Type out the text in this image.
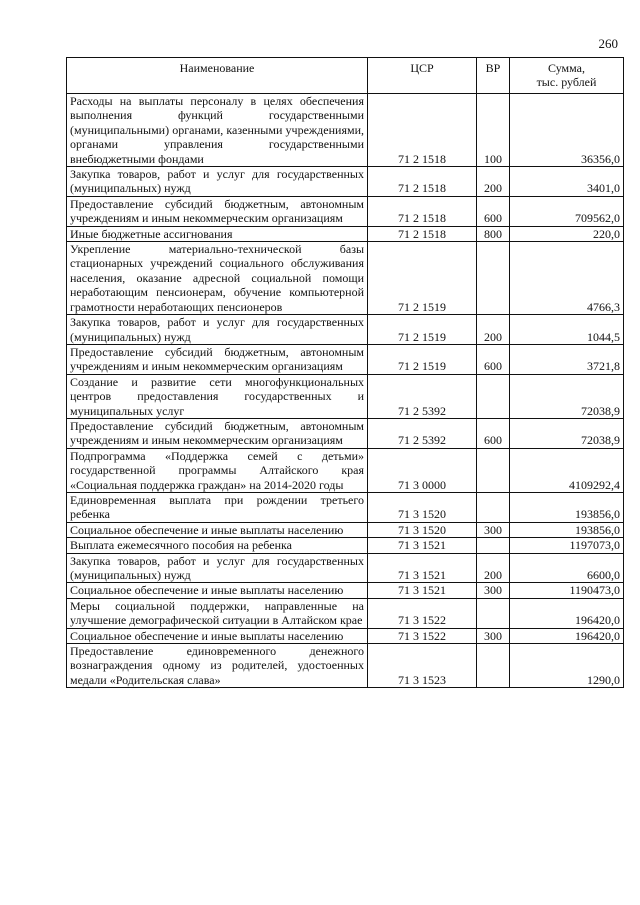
260
Наименование	ЦСР	ВР	Сумма,
тыс. рублей
Расходы на выплаты персоналу в целях обеспечения выполнения функций государственными (муниципальными) органами, казенными учреждениями, органами управления государственными внебюджетными фондами	71 2 1518	100	36356,0
Закупка товаров, работ и услуг для государственных (муниципальных) нужд	71 2 1518	200	3401,0
Предоставление субсидий бюджетным, автономным учреждениям и иным некоммерческим организациям	71 2 1518	600	709562,0
Иные бюджетные ассигнования	71 2 1518	800	220,0
Укрепление материально-технической базы стационарных учреждений социального обслуживания населения, оказание адресной социальной помощи неработающим пенсионерам, обучение компьютерной грамотности неработающих пенсионеров	71 2 1519		4766,3
Закупка товаров, работ и услуг для государственных (муниципальных) нужд	71 2 1519	200	1044,5
Предоставление субсидий бюджетным, автономным учреждениям и иным некоммерческим организациям	71 2 1519	600	3721,8
Создание и развитие сети многофункциональных центров предоставления государственных и муниципальных услуг	71 2 5392		72038,9
Предоставление субсидий бюджетным, автономным учреждениям и иным некоммерческим организациям	71 2 5392	600	72038,9
Подпрограмма «Поддержка семей с детьми» государственной программы Алтайского края «Социальная поддержка граждан» на 2014-2020 годы	71 3 0000		4109292,4
Единовременная выплата при рождении третьего ребенка	71 3 1520		193856,0
Социальное обеспечение и иные выплаты населению	71 3 1520	300	193856,0
Выплата ежемесячного пособия на ребенка	71 3 1521		1197073,0
Закупка товаров, работ и услуг для государственных (муниципальных) нужд	71 3 1521	200	6600,0
Социальное обеспечение и иные выплаты населению	71 3 1521	300	1190473,0
Меры социальной поддержки, направленные на улучшение демографической ситуации в Алтайском крае	71 3 1522		196420,0
Социальное обеспечение и иные выплаты населению	71 3 1522	300	196420,0
Предоставление единовременного денежного вознаграждения одному из родителей, удостоенных медали «Родительская слава»	71 3 1523		1290,0
